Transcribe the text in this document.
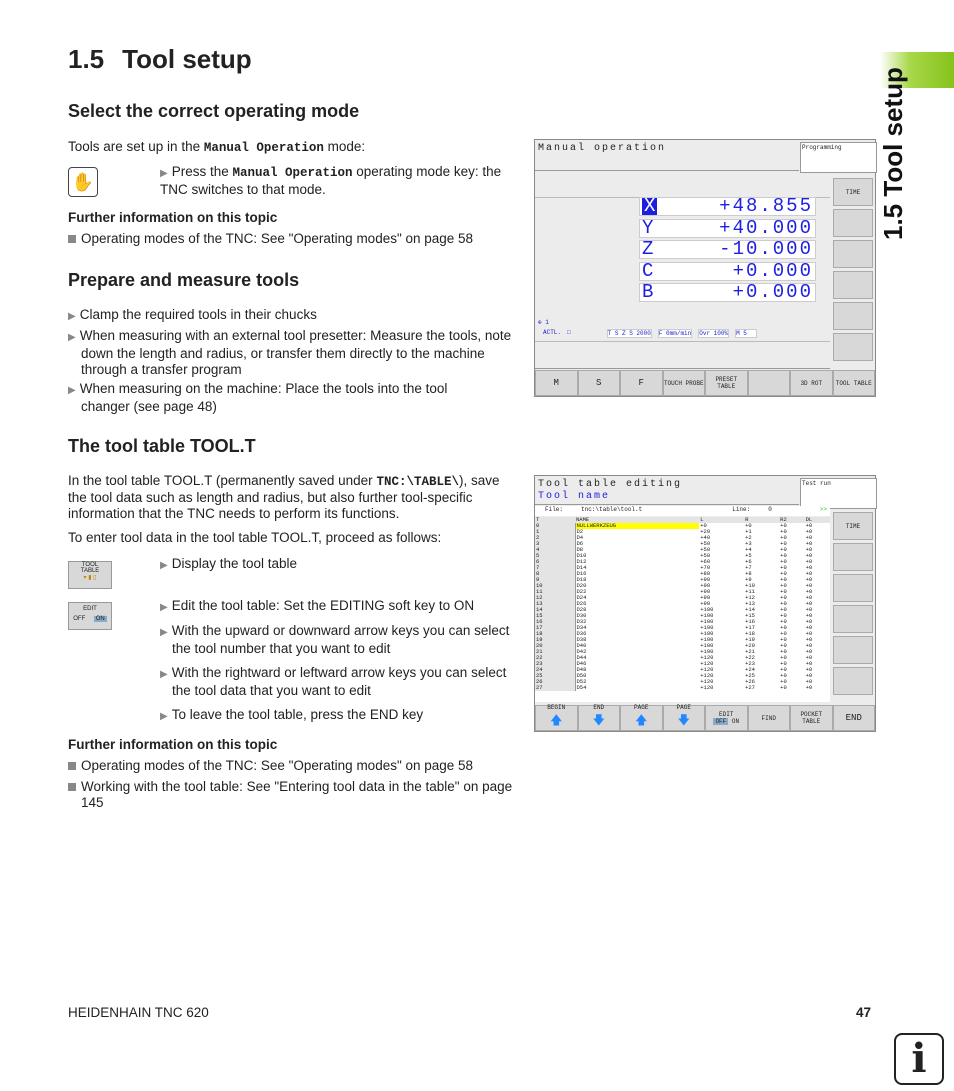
1.5 Tool setup
1.5 Tool setup
Select the correct operating mode
Tools are set up in the Manual Operation mode:
✋	▶ Press the Manual Operation operating mode key: the TNC switches to that mode.
Further information on this topic
Operating modes of the TNC: See "Operating modes" on page 58
Prepare and measure tools
▶ Clamp the required tools in their chucks
▶ When measuring with an external tool presetter: Measure the tools, note down the length and radius, or transfer them directly to the machine through a transfer program
▶ When measuring on the machine: Place the tools into the tool changer (see page 48)
The tool table TOOL.T
In the tool table TOOL.T (permanently saved under TNC:\TABLE\), save the tool data such as length and radius, but also further tool-specific information that the TNC needs to perform its functions.
To enter tool data in the tool table TOOL.T, proceed as follows:
TOOL
TABLE
▾ ▮ ▯
EDIT
OFF	ON
▶ Display the tool table
▶ Edit the tool table: Set the EDITING soft key to ON
▶ With the upward or downward arrow keys you can select the tool number that you want to edit
▶ With the rightward or leftward arrow keys you can select the tool data that you want to edit
▶ To leave the tool table, press the END key
Further information on this topic
Operating modes of the TNC: See "Operating modes" on page 58
Working with the tool table: See "Entering tool data in the table" on page 145
Manual operation	Programming
X	+48.855
Y	+40.000
Z	-10.000
C	+0.000
B	+0.000
⊕ 1
ACTL. □	T S Z S 2000 F 0mm/min Ovr 100% M 5
TIME
M	S	F	TOUCH PROBE	PRESET TABLE	3D ROT TOOL TABLE
Tool table editing
Tool name
Test run
File:	tnc:\table\tool.t	Line:	0	>>
T	NAME	L	R	R2	DL
0	NULLWERKZEUG	+0	+0	+0	+0
1	D2	+20	+1	+0	+0
2	D4	+40	+2	+0	+0
3	D6	+50	+3	+0	+0
4	D8	+50	+4	+0	+0
5	D10	+50	+5	+0	+0
6	D12	+60	+6	+0	+0
7	D14	+70	+7	+0	+0
8	D16	+80	+8	+0	+0
9	D18	+90	+9	+0	+0
10	D20	+90	+10	+0	+0
11	D22	+90	+11	+0	+0
12	D24	+90	+12	+0	+0
13	D26	+90	+13	+0	+0
14	D28	+100	+14	+0	+0
15	D30	+100	+15	+0	+0
16	D32	+100	+16	+0	+0
17	D34	+100	+17	+0	+0
18	D36	+100	+18	+0	+0
19	D38	+100	+19	+0	+0
20	D40	+100	+20	+0	+0
21	D42	+100	+21	+0	+0
22	D44	+120	+22	+0	+0
23	D46	+120	+23	+0	+0
24	D48	+120	+24	+0	+0
25	D50	+120	+25	+0	+0
26	D52	+120	+26	+0	+0
27	D54	+120	+27	+0	+0
TIME
BEGIN
🡅
END
🡇
PAGE
🡅
PAGE
🡇	EDIT
OFF ON	FIND	POCKET TABLE	END
HEIDENHAIN TNC 620	47
i
